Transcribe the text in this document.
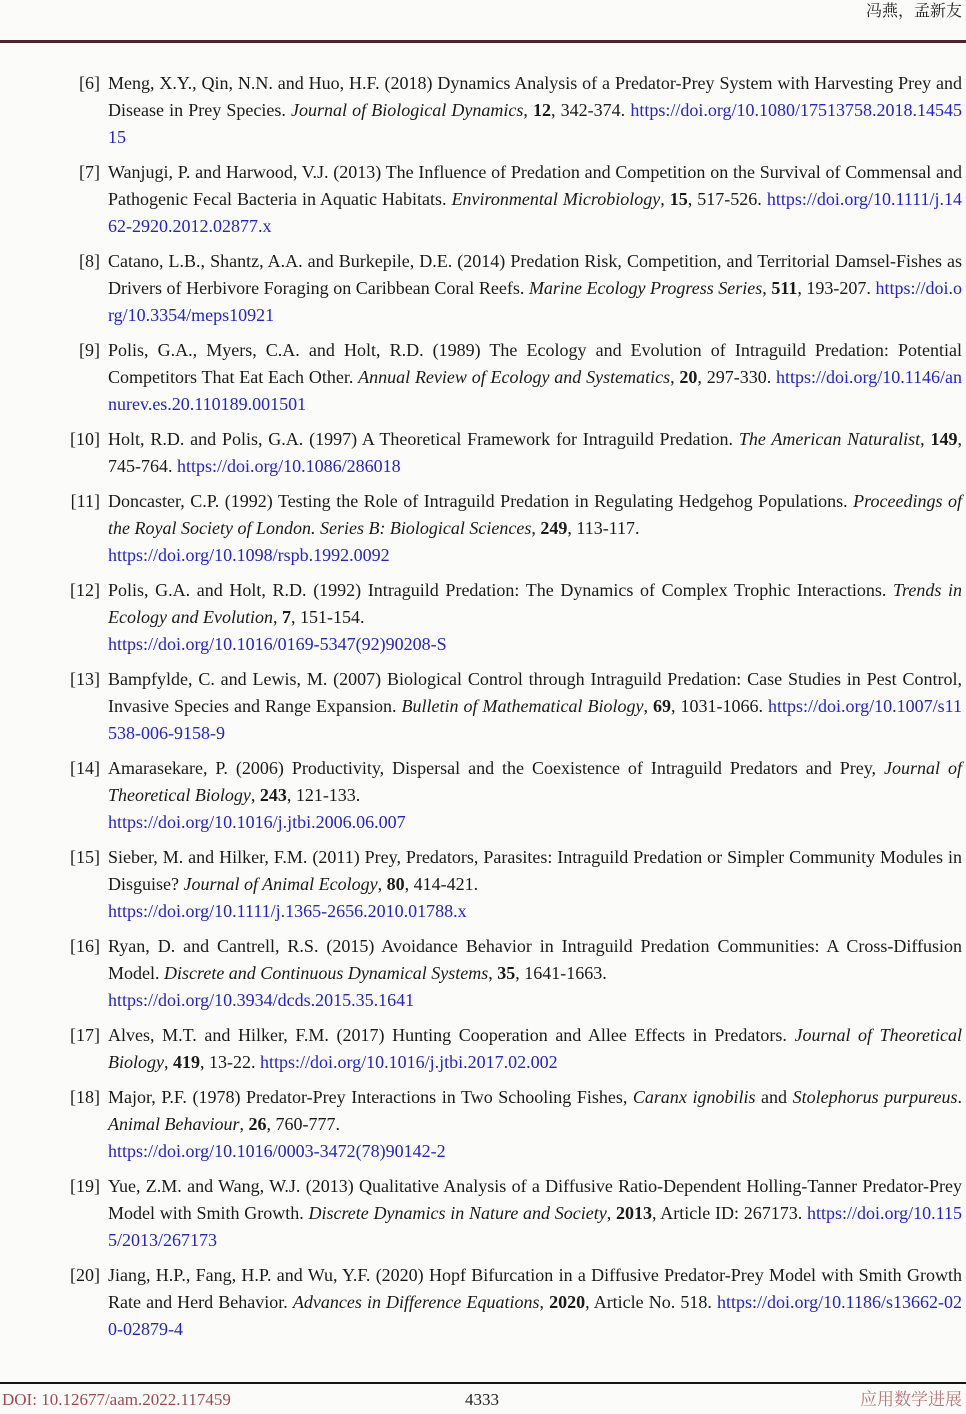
冯燕，孟新友
[6] Meng, X.Y., Qin, N.N. and Huo, H.F. (2018) Dynamics Analysis of a Predator-Prey System with Harvesting Prey and Disease in Prey Species. Journal of Biological Dynamics, 12, 342-374. https://doi.org/10.1080/17513758.2018.1454515
[7] Wanjugi, P. and Harwood, V.J. (2013) The Influence of Predation and Competition on the Survival of Commensal and Pathogenic Fecal Bacteria in Aquatic Habitats. Environmental Microbiology, 15, 517-526. https://doi.org/10.1111/j.1462-2920.2012.02877.x
[8] Catano, L.B., Shantz, A.A. and Burkepile, D.E. (2014) Predation Risk, Competition, and Territorial Damsel-Fishes as Drivers of Herbivore Foraging on Caribbean Coral Reefs. Marine Ecology Progress Series, 511, 193-207. https://doi.org/10.3354/meps10921
[9] Polis, G.A., Myers, C.A. and Holt, R.D. (1989) The Ecology and Evolution of Intraguild Predation: Potential Competitors That Eat Each Other. Annual Review of Ecology and Systematics, 20, 297-330. https://doi.org/10.1146/annurev.es.20.110189.001501
[10] Holt, R.D. and Polis, G.A. (1997) A Theoretical Framework for Intraguild Predation. The American Naturalist, 149, 745-764. https://doi.org/10.1086/286018
[11] Doncaster, C.P. (1992) Testing the Role of Intraguild Predation in Regulating Hedgehog Populations. Proceedings of the Royal Society of London. Series B: Biological Sciences, 249, 113-117.
https://doi.org/10.1098/rspb.1992.0092
[12] Polis, G.A. and Holt, R.D. (1992) Intraguild Predation: The Dynamics of Complex Trophic Interactions. Trends in Ecology and Evolution, 7, 151-154.
https://doi.org/10.1016/0169-5347(92)90208-S
[13] Bampfylde, C. and Lewis, M. (2007) Biological Control through Intraguild Predation: Case Studies in Pest Control, Invasive Species and Range Expansion. Bulletin of Mathematical Biology, 69, 1031-1066. https://doi.org/10.1007/s11538-006-9158-9
[14] Amarasekare, P. (2006) Productivity, Dispersal and the Coexistence of Intraguild Predators and Prey, Journal of Theoretical Biology, 243, 121-133.
https://doi.org/10.1016/j.jtbi.2006.06.007
[15] Sieber, M. and Hilker, F.M. (2011) Prey, Predators, Parasites: Intraguild Predation or Simpler Community Modules in Disguise? Journal of Animal Ecology, 80, 414-421.
https://doi.org/10.1111/j.1365-2656.2010.01788.x
[16] Ryan, D. and Cantrell, R.S. (2015) Avoidance Behavior in Intraguild Predation Communities: A Cross-Diffusion Model. Discrete and Continuous Dynamical Systems, 35, 1641-1663.
https://doi.org/10.3934/dcds.2015.35.1641
[17] Alves, M.T. and Hilker, F.M. (2017) Hunting Cooperation and Allee Effects in Predators. Journal of Theoretical Biology, 419, 13-22. https://doi.org/10.1016/j.jtbi.2017.02.002
[18] Major, P.F. (1978) Predator-Prey Interactions in Two Schooling Fishes, Caranx ignobilis and Stolephorus purpureus. Animal Behaviour, 26, 760-777.
https://doi.org/10.1016/0003-3472(78)90142-2
[19] Yue, Z.M. and Wang, W.J. (2013) Qualitative Analysis of a Diffusive Ratio-Dependent Holling-Tanner Predator-Prey Model with Smith Growth. Discrete Dynamics in Nature and Society, 2013, Article ID: 267173. https://doi.org/10.1155/2013/267173
[20] Jiang, H.P., Fang, H.P. and Wu, Y.F. (2020) Hopf Bifurcation in a Diffusive Predator-Prey Model with Smith Growth Rate and Herd Behavior. Advances in Difference Equations, 2020, Article No. 518. https://doi.org/10.1186/s13662-020-02879-4
DOI: 10.12677/aam.2022.117459	4333	应用数学进展
